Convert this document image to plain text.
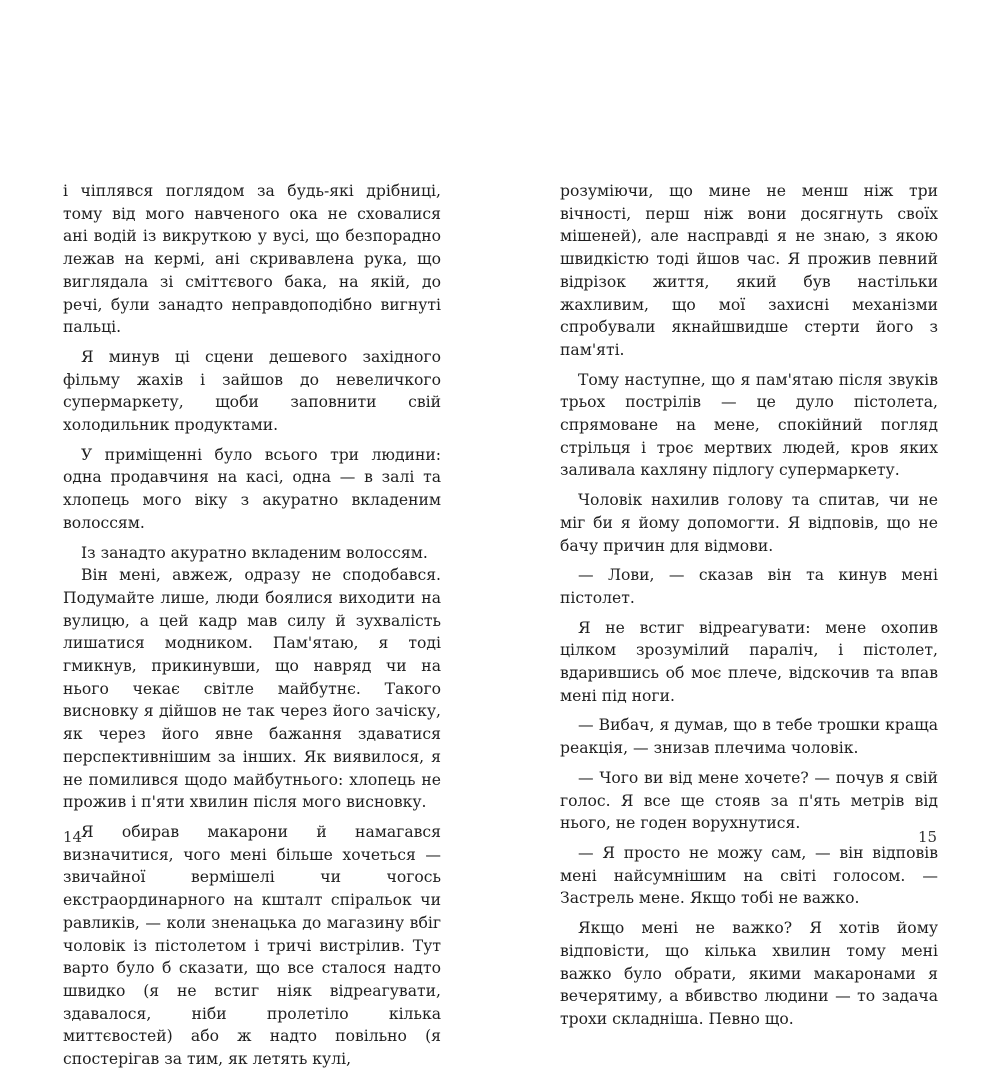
і чіплявся поглядом за будь-які дрібниці, тому від мого навченого ока не сховалися ані водій із викруткою у вусі, що безпорадно лежав на кермі, ані скривавлена рука, що виглядала зі сміттєвого бака, на якій, до речі, були занадто неправдоподібно вигнуті пальці.

Я минув ці сцени дешевого західного фільму жахів і зайшов до невеличкого супермаркету, щоби заповнити свій холодильник продуктами.

У приміщенні було всього три людини: одна продавчиня на касі, одна — в залі та хлопець мого віку з акуратно вкладеним волоссям.

Із занадто акуратно вкладеним волоссям.

Він мені, авжеж, одразу не сподобався. Подумайте лише, люди боялися виходити на вулицю, а цей кадр мав силу й зухвалість лишатися модником. Пам'ятаю, я тоді гмикнув, прикинувши, що навряд чи на нього чекає світле майбутнє. Такого висновку я дійшов не так через його зачіску, як через його явне бажання здаватися перспективнішим за інших. Як виявилося, я не помилився щодо майбутнього: хлопець не прожив і п'яти хвилин після мого висновку.

Я обирав макарони й намагався визначитися, чого мені більше хочеться — звичайної вермішелі чи чогось екстраординарного на кшталт спіральок чи равликів, — коли зненацька до магазину вбіг чоловік із пістолетом і тричі вистрілив. Тут варто було б сказати, що все сталося надто швидко (я не встиг ніяк відреагувати, здавалося, ніби пролетіло кілька миттєвостей) або ж надто повільно (я спостерігав за тим, як летять кулі,

розуміючи, що мине не менш ніж три вічності, перш ніж вони досягнуть своїх мішеней), але насправді я не знаю, з якою швидкістю тоді йшов час. Я прожив певний відрізок життя, який був настільки жахливим, що мої захисні механізми спробували якнайшвидше стерти його з пам'яті.

Тому наступне, що я пам'ятаю після звуків трьох пострілів — це дуло пістолета, спрямоване на мене, спокійний погляд стрільця і троє мертвих людей, кров яких заливала кахляну підлогу супермаркету.

Чоловік нахилив голову та спитав, чи не міг би я йому допомогти. Я відповів, що не бачу причин для відмови.

— Лови, — сказав він та кинув мені пістолет.

Я не встиг відреагувати: мене охопив цілком зрозумілий параліч, і пістолет, вдарившись об моє плече, відскочив та впав мені під ноги.

— Вибач, я думав, що в тебе трошки краща реакція, — знизав плечима чоловік.

— Чого ви від мене хочете? — почув я свій голос. Я все ще стояв за п'ять метрів від нього, не годен ворухнутися.

— Я просто не можу сам, — він відповів мені найсумнішим на світі голосом. — Застрель мене. Якщо тобі не важко.

Якщо мені не важко? Я хотів йому відповісти, що кілька хвилин тому мені важко було обрати, якими макаронами я вечерятиму, а вбивство людини — то задача трохи складніша. Певно що.

14	15
